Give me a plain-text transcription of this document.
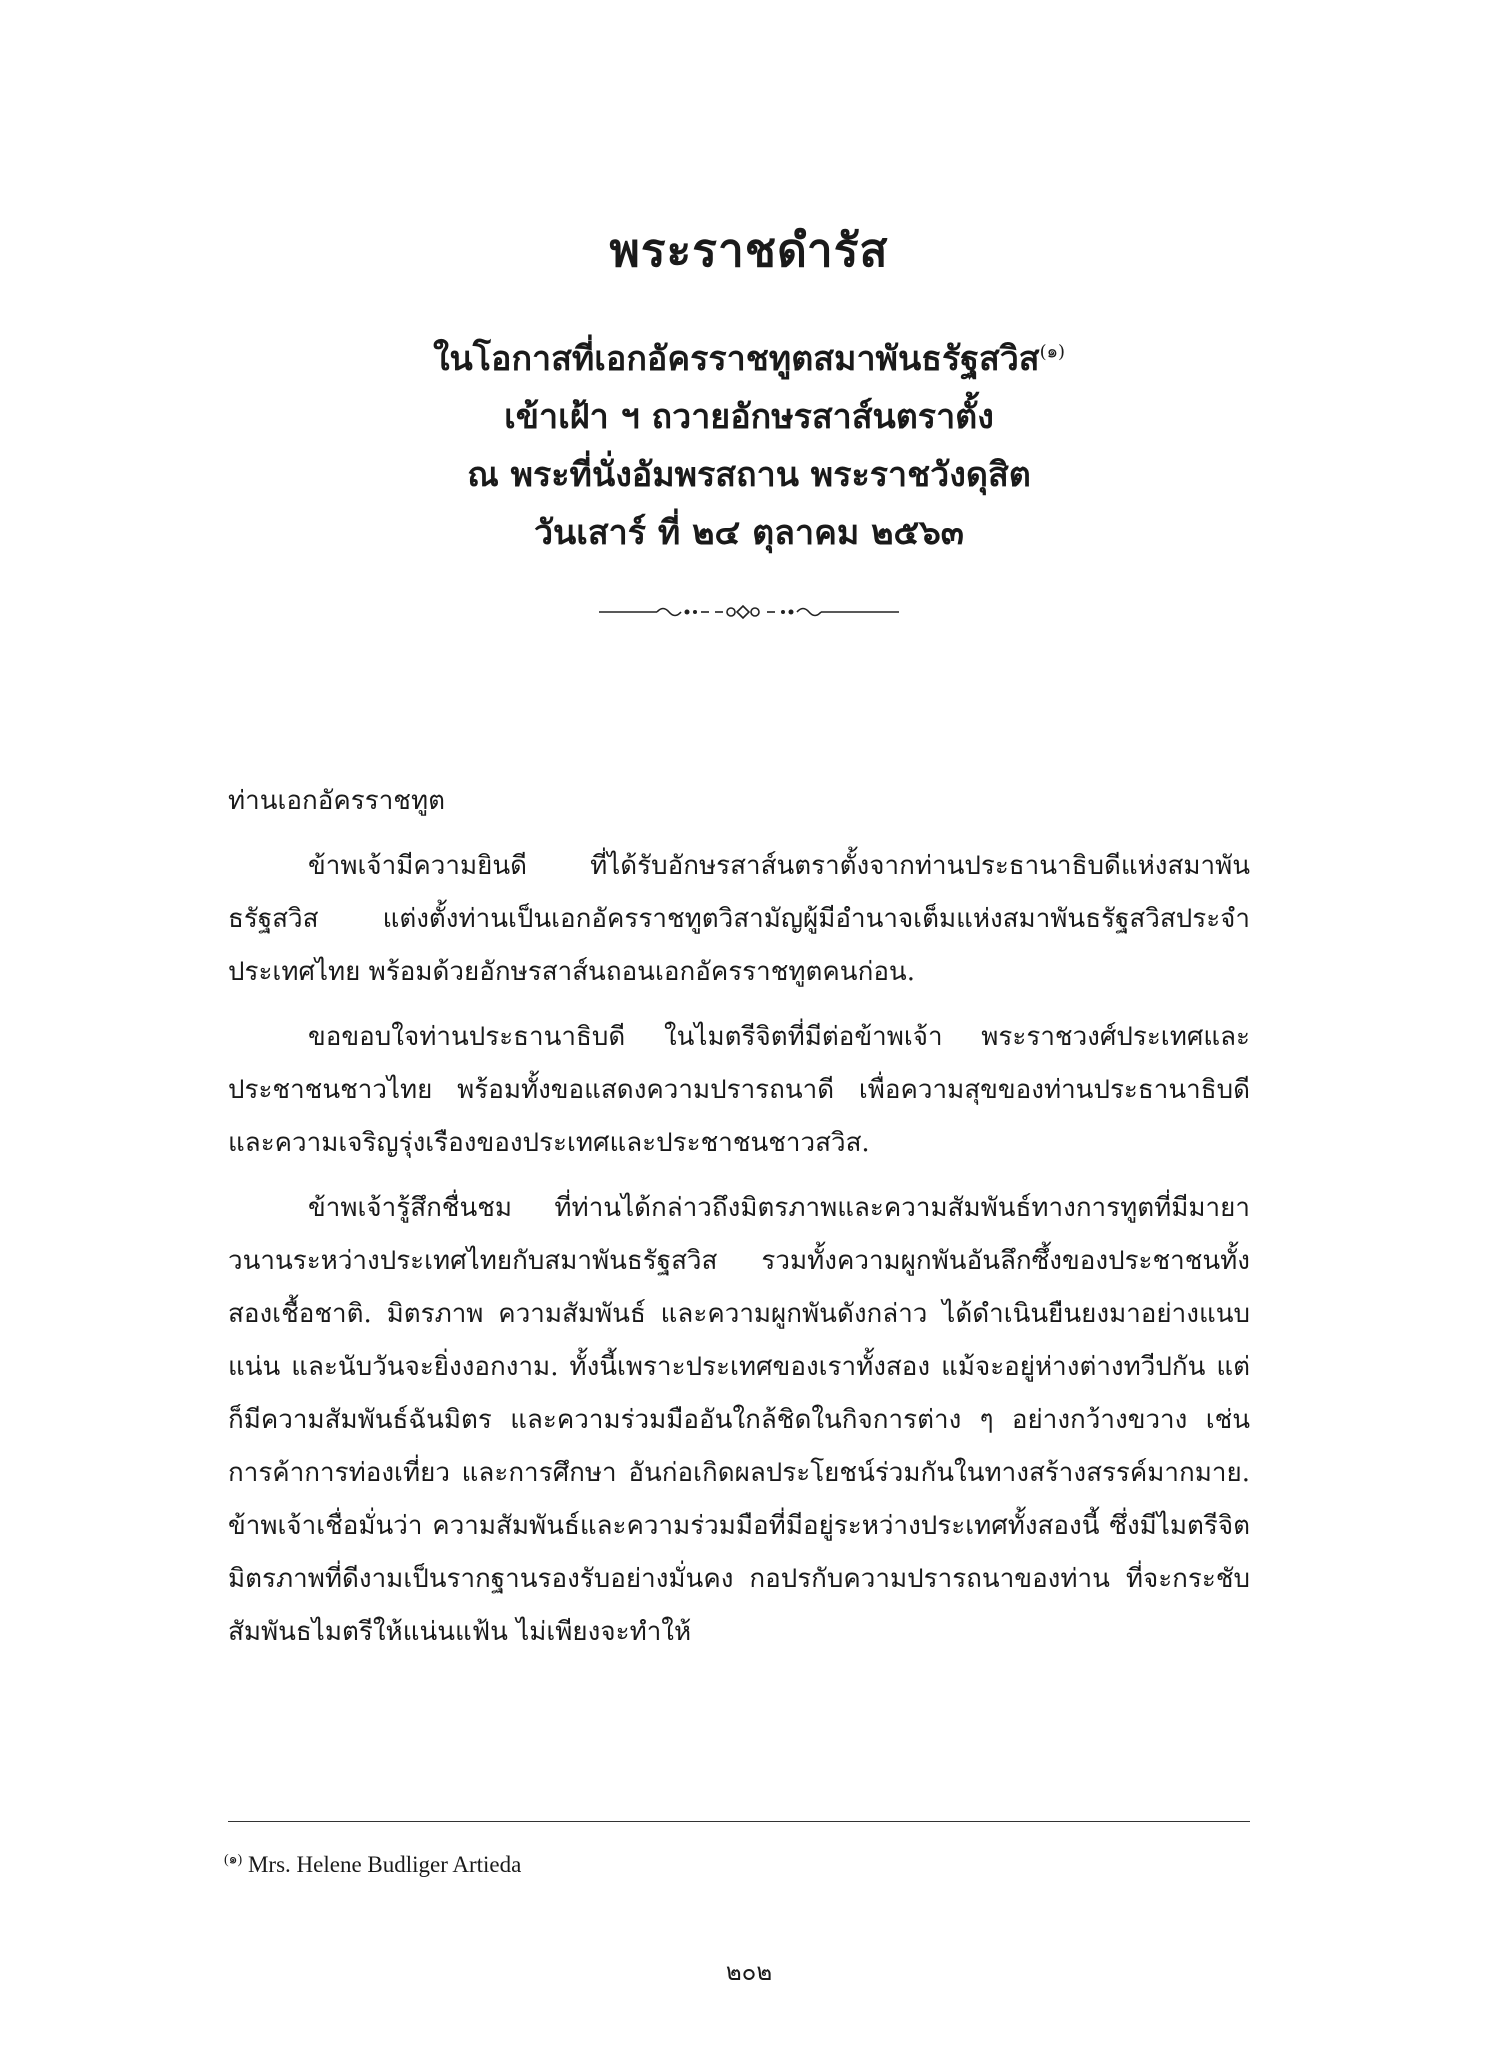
พระราชดำรัส
ในโอกาสที่เอกอัครราชทูตสมาพันธรัฐสวิส$^{(๑)}$
เข้าเฝ้า ฯ ถวายอักษรสาส์นตราตั้ง
ณ พระที่นั่งอัมพรสถาน พระราชวังดุสิต
วันเสาร์ ที่ ๒๔ ตุลาคม ๒๕๖๓

ท่านเอกอัครราชทูต

ข้าพเจ้ามีความยินดี ที่ได้รับอักษรสาส์นตราตั้งจากท่านประธานาธิบดีแห่งสมาพันธรัฐสวิส แต่งตั้งท่านเป็นเอกอัครราชทูตวิสามัญผู้มีอำนาจเต็มแห่งสมาพันธรัฐสวิสประจำประเทศไทย พร้อมด้วยอักษรสาส์นถอนเอกอัครราชทูตคนก่อน.

ขอขอบใจท่านประธานาธิบดี ในไมตรีจิตที่มีต่อข้าพเจ้า พระราชวงศ์ประเทศและประชาชนชาวไทย พร้อมทั้งขอแสดงความปรารถนาดี เพื่อความสุขของท่านประธานาธิบดี และความเจริญรุ่งเรืองของประเทศและประชาชนชาวสวิส.

ข้าพเจ้ารู้สึกชื่นชม ที่ท่านได้กล่าวถึงมิตรภาพและความสัมพันธ์ทางการทูตที่มีมายาวนานระหว่างประเทศไทยกับสมาพันธรัฐสวิส รวมทั้งความผูกพันอันลึกซึ้งของประชาชนทั้งสองเชื้อชาติ. มิตรภาพ ความสัมพันธ์ และความผูกพันดังกล่าว ได้ดำเนินยืนยงมาอย่างแนบแน่น และนับวันจะยิ่งงอกงาม. ทั้งนี้เพราะประเทศของเราทั้งสอง แม้จะอยู่ห่างต่างทวีปกัน แต่ก็มีความสัมพันธ์ฉันมิตร และความร่วมมืออันใกล้ชิดในกิจการต่าง ๆ อย่างกว้างขวาง เช่น การค้าการท่องเที่ยว และการศึกษา อันก่อเกิดผลประโยชน์ร่วมกันในทางสร้างสรรค์มากมาย. ข้าพเจ้าเชื่อมั่นว่า ความสัมพันธ์และความร่วมมือที่มีอยู่ระหว่างประเทศทั้งสองนี้ ซึ่งมีไมตรีจิตมิตรภาพที่ดีงามเป็นรากฐานรองรับอย่างมั่นคง กอปรกับความปรารถนาของท่าน ที่จะกระชับสัมพันธไมตรีให้แน่นแฟ้น ไม่เพียงจะทำให้

$^{(๑)}$ Mrs. Helene Budliger Artieda
๒๐๒
